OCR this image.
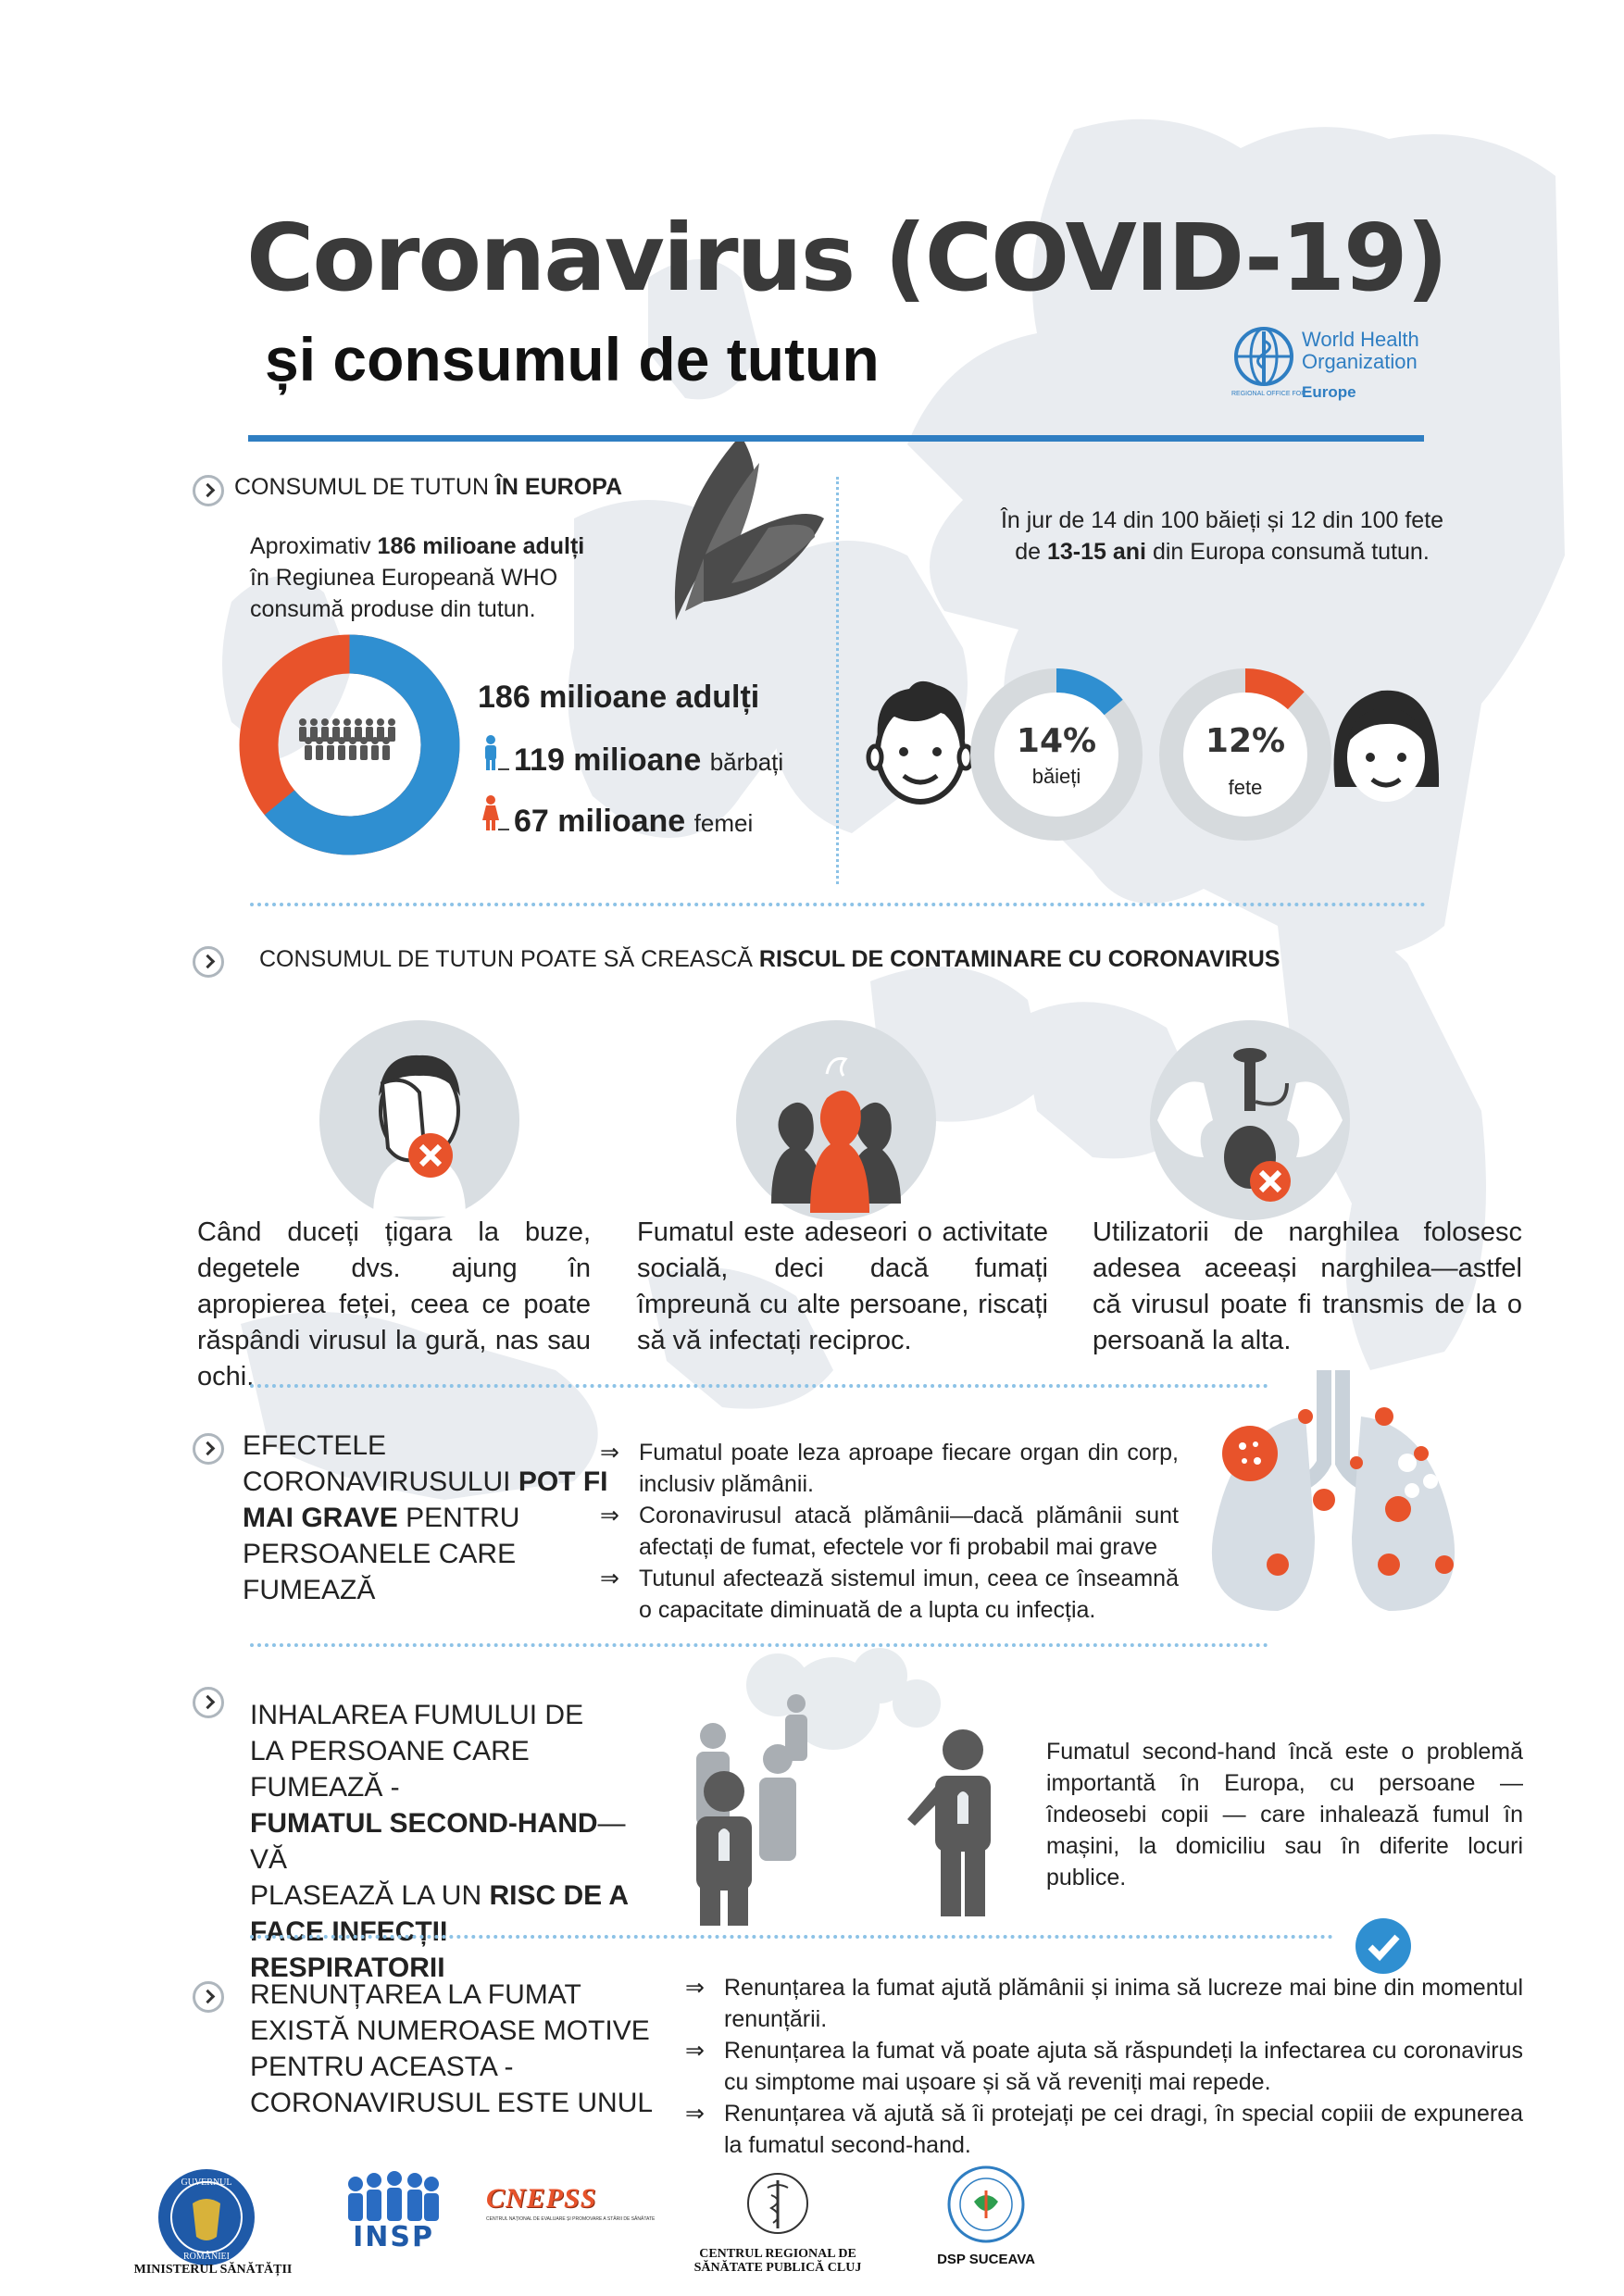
Coronavirus (COVID-19)
și consumul de tutun	World Health
Organization
REGIONAL OFFICE FOR
Europe
CONSUMUL DE TUTUN ÎN EUROPA
Aproximativ 186 milioane adulți
în Regiunea Europeană WHO
consumă produse din tutun.
186 milioane adulți
119 milioane bărbați
67 milioane femei
În jur de 14 din 100 băieți și 12 din 100 fete
de 13-15 ani din Europa consumă tutun.
14%
băieți
12%
fete
CONSUMUL DE TUTUN POATE SĂ CREASCĂ RISCUL DE CONTAMINARE CU CORONAVIRUS
Când duceți țigara la buze, degetele dvs. ajung în apropierea feței, ceea ce poate răspândi virusul la gură, nas sau ochi.
Fumatul este adeseori o activitate socială, deci dacă fumați împreună cu alte persoane, riscați să vă infectați reciproc.
Utilizatorii de narghilea folosesc adesea aceeași narghilea—astfel că virusul poate fi transmis de la o persoană la alta.
EFECTELE
CORONAVIRUSULUI POT FI
MAI GRAVE PENTRU
PERSOANELE CARE
FUMEAZĂ
⇒ Fumatul poate leza aproape fiecare organ din corp, inclusiv plămânii.
⇒ Coronavirusul atacă plămânii—dacă plămânii sunt afectați de fumat, efectele vor fi probabil mai grave
⇒ Tutunul afectează sistemul imun, ceea ce înseamnă o capacitate diminuată de a lupta cu infecția.
INHALAREA FUMULUI DE
LA PERSOANE CARE FUMEAZĂ -
FUMATUL SECOND-HAND—VĂ
PLASEAZĂ LA UN RISC DE A
FACE INFECȚII RESPIRATORII
Fumatul second-hand încă este o problemă importantă în Europa, cu persoane — îndeosebi copii — care inhalează fumul în mașini, la domiciliu sau în diferite locuri publice.
RENUNȚAREA LA FUMAT
EXISTĂ NUMEROASE MOTIVE
PENTRU ACEASTA -
CORONAVIRUSUL ESTE UNUL
⇒ Renunțarea la fumat ajută plămânii și inima să lucreze mai bine din momentul renunțării.
⇒ Renunțarea la fumat vă poate ajuta să răspundeți la infectarea cu coronavirus cu simptome mai ușoare și să vă reveniți mai repede.
⇒ Renunțarea vă ajută să îi protejați pe cei dragi, în special copiii de expunerea la fumatul second-hand.
GUVERNUL
ROMÂNIEI
MINISTERUL SĂNĂTĂȚII
INSP
CNEPSS
CENTRUL NAȚIONAL DE EVALUARE ȘI PROMOVARE A STĂRII DE SĂNĂTATE
CENTRUL REGIONAL DE
SĂNĂTATE PUBLICĂ CLUJ
DSP SUCEAVA
